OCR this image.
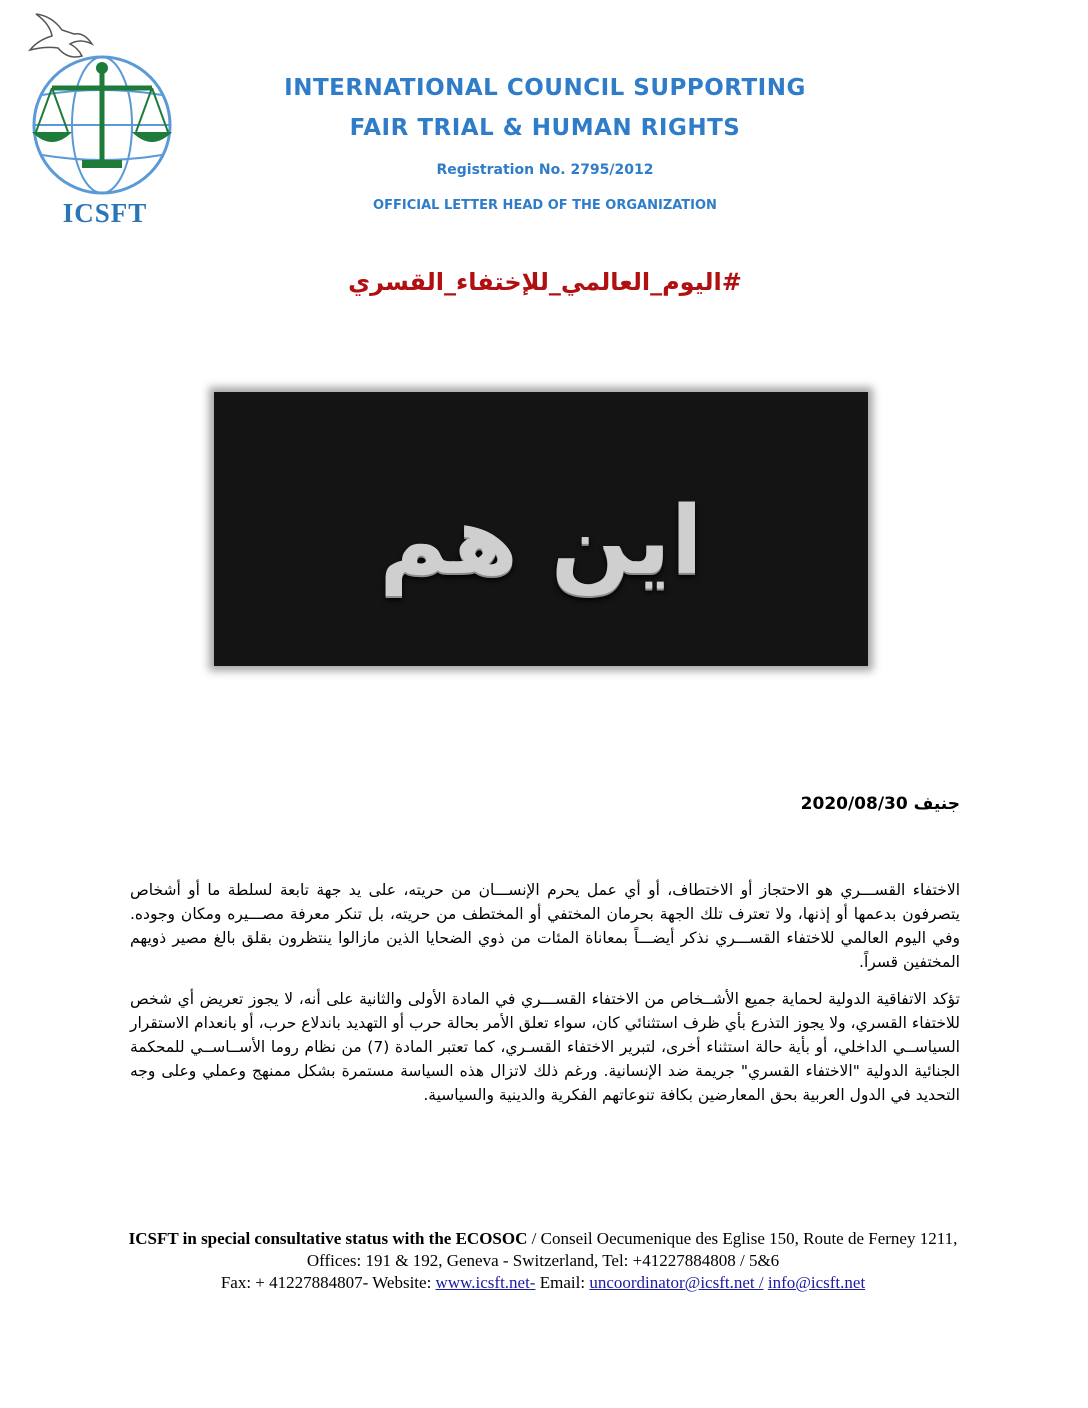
ICSFT
INTERNATIONAL COUNCIL SUPPORTING
FAIR TRIAL & HUMAN RIGHTS
Registration No. 2795/2012
OFFICIAL LETTER HEAD OF THE ORGANIZATION
#اليوم_العالمي_للإختفاء_القسري
اين هم
جنيف 2020/08/30

الاختفاء القســـري هو الاحتجاز أو الاختطاف، أو أي عمل يحرم الإنســـان من حريته، على يد جهة تابعة لسلطة ما أو أشخاص يتصرفون بدعمها أو إذنها، ولا تعترف تلك الجهة بحرمان المختفي أو المختطف من حريته، بل تنكر معرفة مصـــيره ومكان وجوده. وفي اليوم العالمي للاختفاء القســـري نذكر أيضـــاً بمعاناة المئات من ذوي الضحايا الذين مازالوا ينتظرون بقلق بالغ مصير ذويهم المختفين قسراً.

تؤكد الاتفاقية الدولية لحماية جميع الأشــخاص من الاختفاء القســـري في المادة الأولى والثانية على أنه، لا يجوز تعريض أي شخص للاختفاء القسري، ولا يجوز التذرع بأي ظرف استثنائي كان، سواء تعلق الأمر بحالة حرب أو التهديد باندلاع حرب، أو بانعدام الاستقرار السياســي الداخلي، أو بأية حالة استثناء أخرى، لتبرير الاختفاء القسـري، كما تعتبر المادة (7) من نظام روما الأســاســي للمحكمة الجنائية الدولية "الاختفاء القسري" جريمة ضد الإنسانية. ورغم ذلك لاتزال هذه السياسة مستمرة بشكل ممنهج وعملي وعلى وجه التحديد في الدول العربية بحق المعارضين بكافة تنوعاتهم الفكرية والدينية والسياسية.

ICSFT in special consultative status with the ECOSOC / Conseil Oecumenique des Eglise 150, Route de Ferney 1211, Offices: 191 & 192, Geneva - Switzerland, Tel: +41227884808 / 5&6
Fax: + 41227884807- Website: www.icsft.net- Email: uncoordinator@icsft.net / info@icsft.net
